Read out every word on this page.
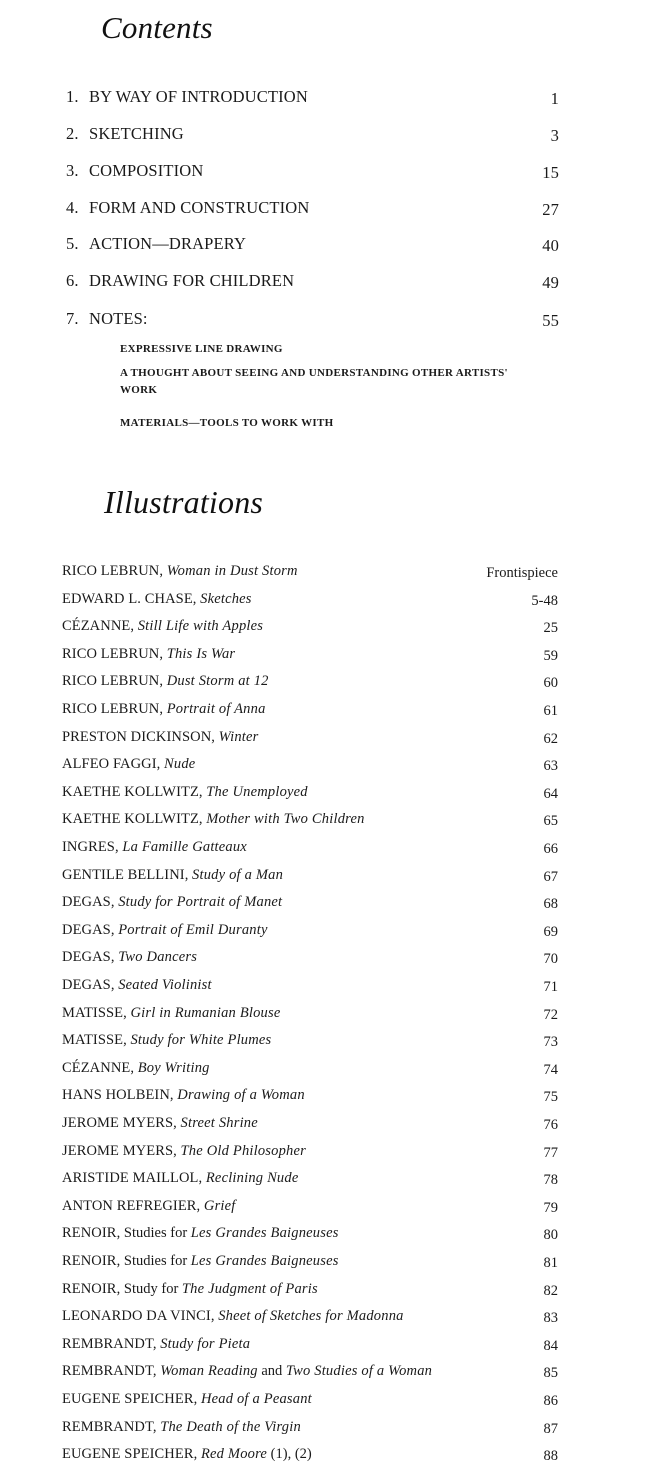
Contents
1. BY WAY OF INTRODUCTION	1
2. SKETCHING	3
3. COMPOSITION	15
4. FORM AND CONSTRUCTION	27
5. ACTION—DRAPERY	40
6. DRAWING FOR CHILDREN	49
7. NOTES:	55
EXPRESSIVE LINE DRAWING
A THOUGHT ABOUT SEEING AND UNDERSTANDING OTHER ARTISTS' WORK
MATERIALS—TOOLS TO WORK WITH
Illustrations
RICO LEBRUN, Woman in Dust Storm	Frontispiece
EDWARD L. CHASE, Sketches	5-48
CÉZANNE, Still Life with Apples	25
RICO LEBRUN, This Is War	59
RICO LEBRUN, Dust Storm at 12	60
RICO LEBRUN, Portrait of Anna	61
PRESTON DICKINSON, Winter	62
ALFEO FAGGI, Nude	63
KAETHE KOLLWITZ, The Unemployed	64
KAETHE KOLLWITZ, Mother with Two Children	65
INGRES, La Famille Gatteaux	66
GENTILE BELLINI, Study of a Man	67
DEGAS, Study for Portrait of Manet	68
DEGAS, Portrait of Emil Duranty	69
DEGAS, Two Dancers	70
DEGAS, Seated Violinist	71
MATISSE, Girl in Rumanian Blouse	72
MATISSE, Study for White Plumes	73
CÉZANNE, Boy Writing	74
HANS HOLBEIN, Drawing of a Woman	75
JEROME MYERS, Street Shrine	76
JEROME MYERS, The Old Philosopher	77
ARISTIDE MAILLOL, Reclining Nude	78
ANTON REFREGIER, Grief	79
RENOIR, Studies for Les Grandes Baigneuses	80
RENOIR, Studies for Les Grandes Baigneuses	81
RENOIR, Study for The Judgment of Paris	82
LEONARDO DA VINCI, Sheet of Sketches for Madonna	83
REMBRANDT, Study for Pieta	84
REMBRANDT, Woman Reading and Two Studies of a Woman	85
EUGENE SPEICHER, Head of a Peasant	86
REMBRANDT, The Death of the Virgin	87
EUGENE SPEICHER, Red Moore (1), (2)	88
